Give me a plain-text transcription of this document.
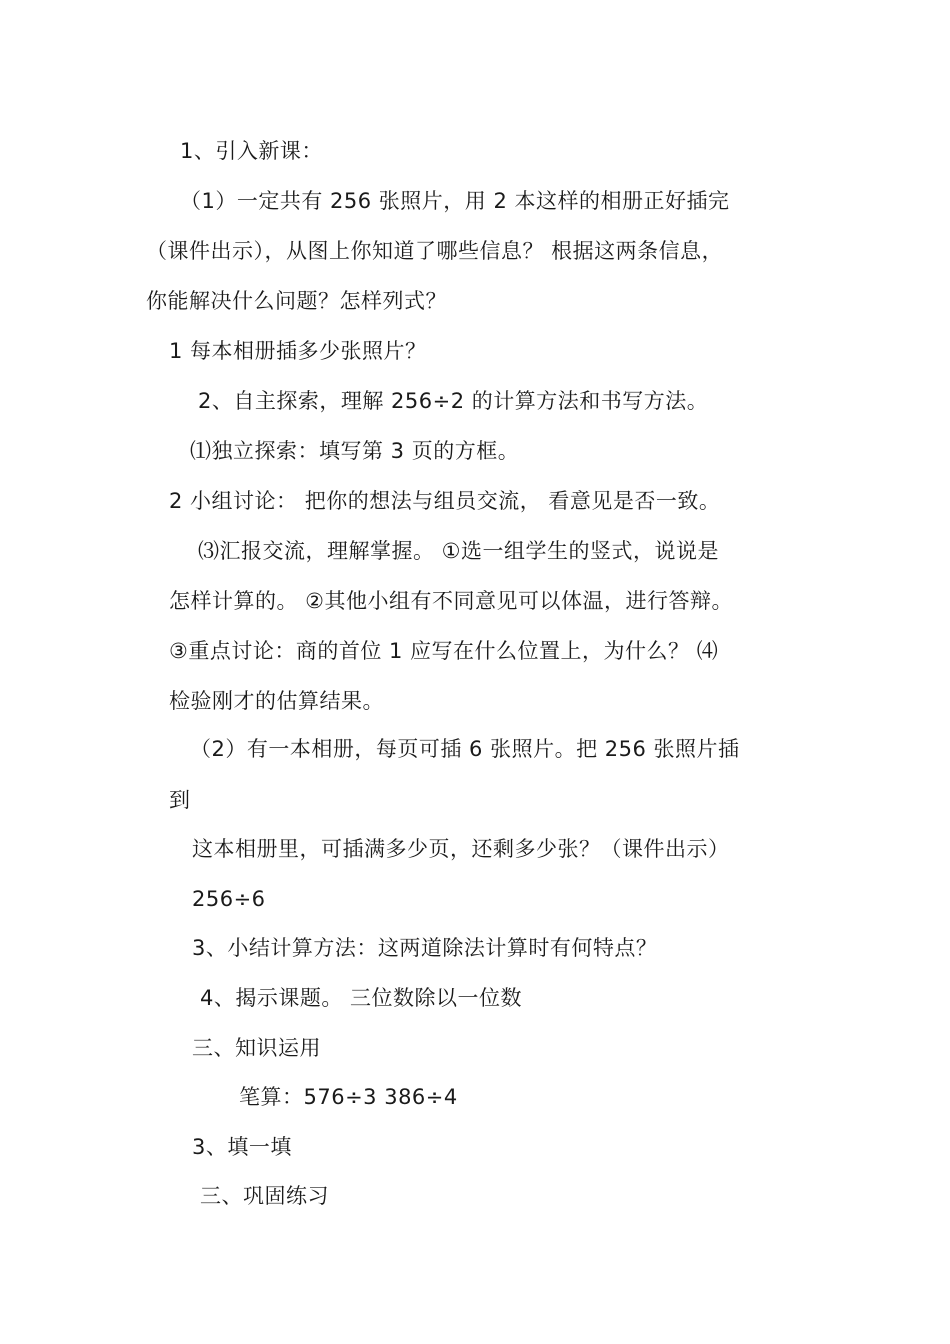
1、引入新课：
（1）一定共有 256 张照片，用 2 本这样的相册正好插完
（课件出示），从图上你知道了哪些信息？ 根据这两条信息，
你能解决什么问题？怎样列式？
1 每本相册插多少张照片？
2、自主探索，理解 256÷2 的计算方法和书写方法。
⑴独立探索：填写第 3 页的方框。
2 小组讨论： 把你的想法与组员交流， 看意见是否一致。
⑶汇报交流，理解掌握。 ①选一组学生的竖式，说说是
怎样计算的。 ②其他小组有不同意见可以体温，进行答辩。
③重点讨论：商的首位 1 应写在什么位置上，为什么？ ⑷
检验刚才的估算结果。
（2）有一本相册，每页可插 6 张照片。把 256 张照片插
到
这本相册里，可插满多少页，还剩多少张？（课件出示）
256÷6
3、小结计算方法：这两道除法计算时有何特点？
4、揭示课题。 三位数除以一位数
三、知识运用
笔算：576÷3 386÷4
3、填一填
三、巩固练习
